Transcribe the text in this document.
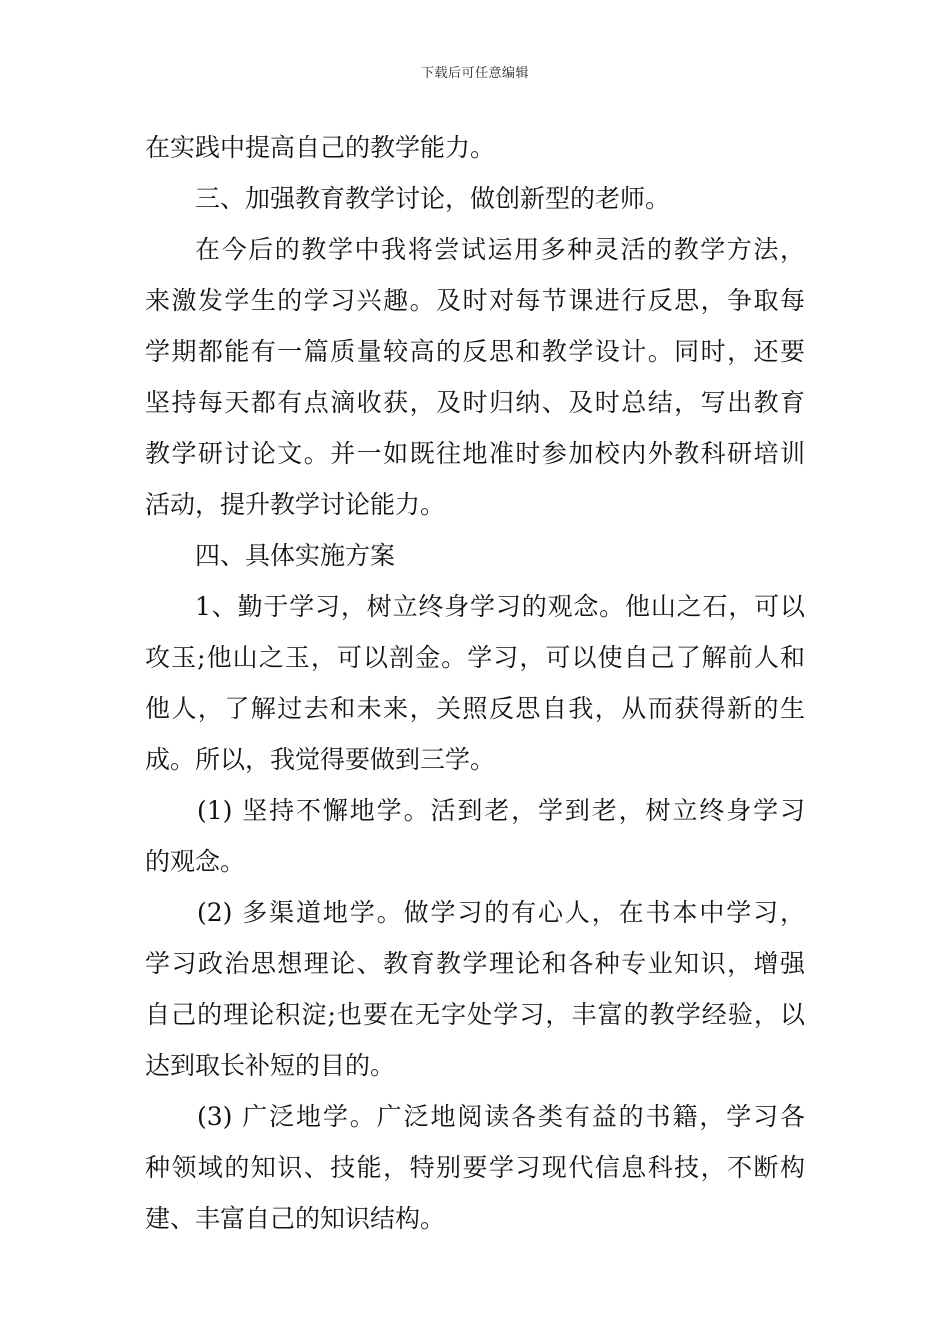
下载后可任意编辑
在实践中提高自己的教学能力。
三、加强教育教学讨论，做创新型的老师。
在今后的教学中我将尝试运用多种灵活的教学方法，
来激发学生的学习兴趣。及时对每节课进行反思，争取每
学期都能有一篇质量较高的反思和教学设计。同时，还要
坚持每天都有点滴收获，及时归纳、及时总结，写出教育
教学研讨论文。并一如既往地准时参加校内外教科研培训
活动，提升教学讨论能力。
四、具体实施方案
1、勤于学习，树立终身学习的观念。他山之石，可以
攻玉;他山之玉，可以剖金。学习，可以使自己了解前人和
他人，了解过去和未来，关照反思自我，从而获得新的生
成。所以，我觉得要做到三学。
(1) 坚持不懈地学。活到老，学到老，树立终身学习
的观念。
(2) 多渠道地学。做学习的有心人，在书本中学习，
学习政治思想理论、教育教学理论和各种专业知识，增强
自己的理论积淀;也要在无字处学习，丰富的教学经验，以
达到取长补短的目的。
(3) 广泛地学。广泛地阅读各类有益的书籍，学习各
种领域的知识、技能，特别要学习现代信息科技，不断构
建、丰富自己的知识结构。
